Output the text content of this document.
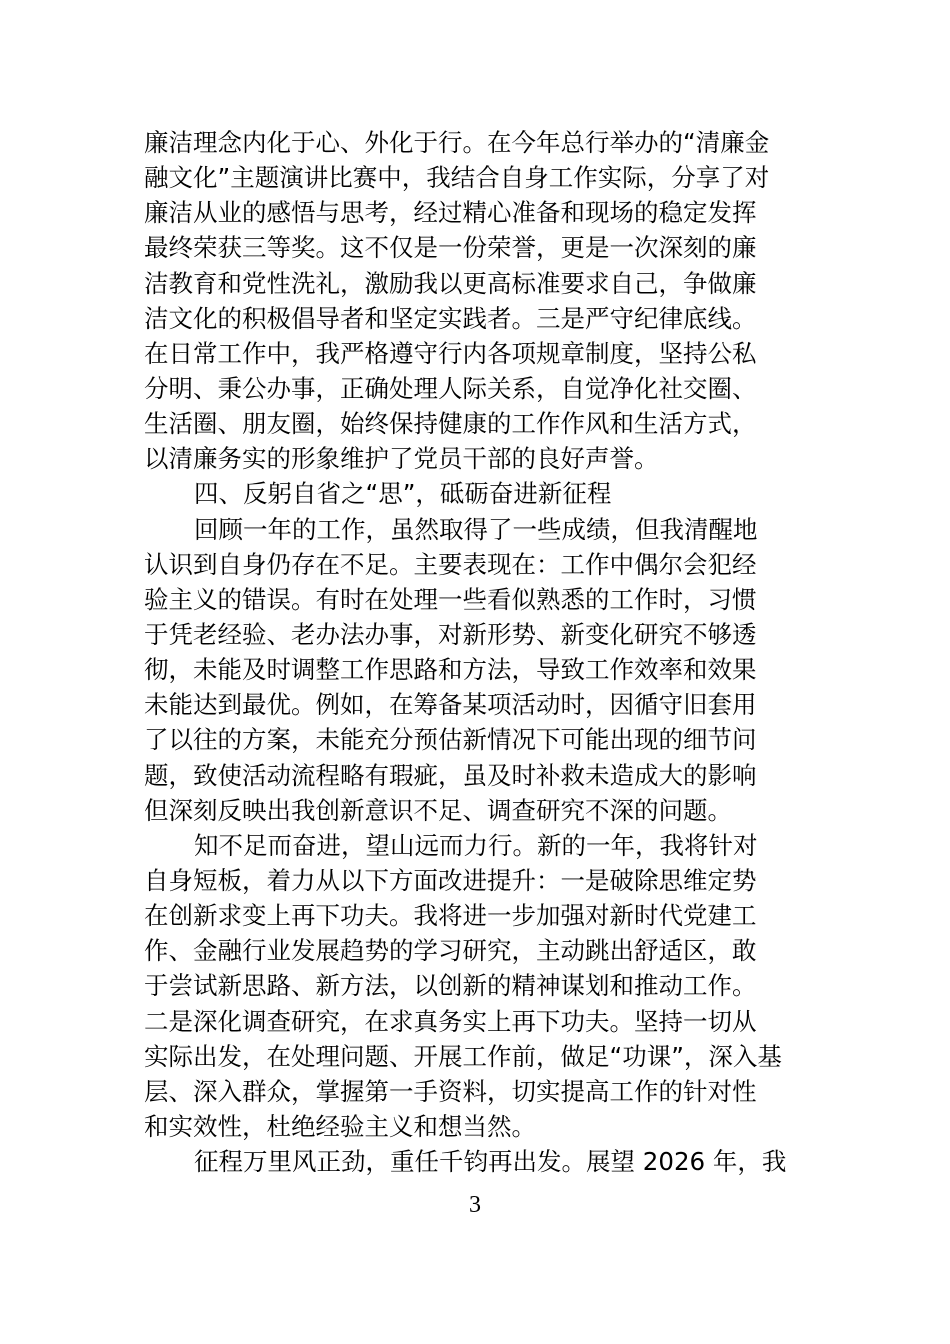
廉洁理念内化于心、外化于行。在今年总行举办的“清廉金
融文化”主题演讲比赛中，我结合自身工作实际，分享了对
廉洁从业的感悟与思考，经过精心准备和现场的稳定发挥
最终荣获三等奖。这不仅是一份荣誉，更是一次深刻的廉
洁教育和党性洗礼，激励我以更高标准要求自己，争做廉
洁文化的积极倡导者和坚定实践者。三是严守纪律底线。
在日常工作中，我严格遵守行内各项规章制度，坚持公私
分明、秉公办事，正确处理人际关系，自觉净化社交圈、
生活圈、朋友圈，始终保持健康的工作作风和生活方式，
以清廉务实的形象维护了党员干部的良好声誉。
四、反躬自省之“思”，砥砺奋进新征程
回顾一年的工作，虽然取得了一些成绩，但我清醒地
认识到自身仍存在不足。主要表现在：工作中偶尔会犯经
验主义的错误。有时在处理一些看似熟悉的工作时，习惯
于凭老经验、老办法办事，对新形势、新变化研究不够透
彻，未能及时调整工作思路和方法，导致工作效率和效果
未能达到最优。例如，在筹备某项活动时，因循守旧套用
了以往的方案，未能充分预估新情况下可能出现的细节问
题，致使活动流程略有瑕疵，虽及时补救未造成大的影响
但深刻反映出我创新意识不足、调查研究不深的问题。
知不足而奋进，望山远而力行。新的一年，我将针对
自身短板，着力从以下方面改进提升：一是破除思维定势
在创新求变上再下功夫。我将进一步加强对新时代党建工
作、金融行业发展趋势的学习研究，主动跳出舒适区，敢
于尝试新思路、新方法，以创新的精神谋划和推动工作。
二是深化调查研究，在求真务实上再下功夫。坚持一切从
实际出发，在处理问题、开展工作前，做足“功课”，深入基
层、深入群众，掌握第一手资料，切实提高工作的针对性
和实效性，杜绝经验主义和想当然。
征程万里风正劲，重任千钧再出发。展望 2026 年，我
3
